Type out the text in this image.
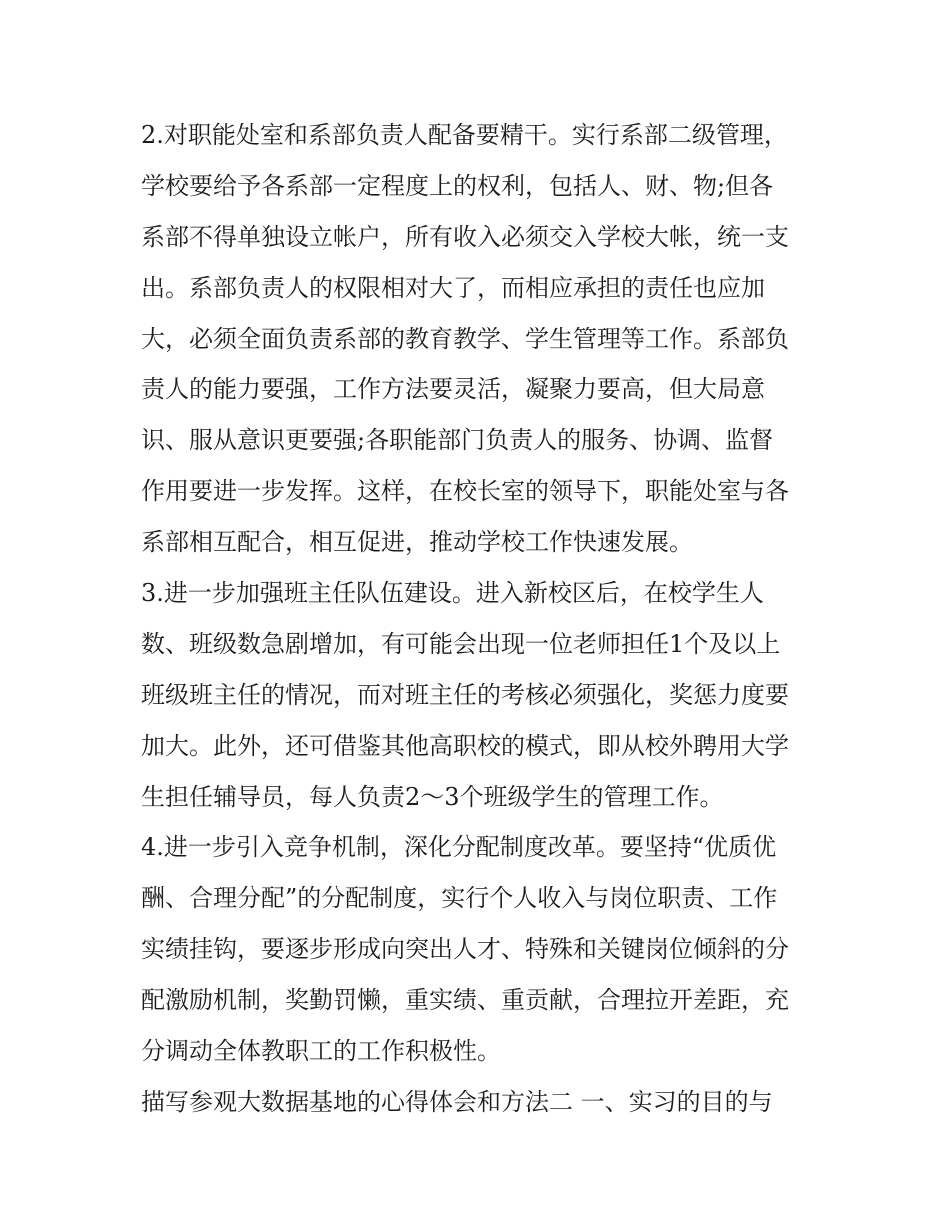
2.对职能处室和系部负责人配备要精干。实行系部二级管理，
学校要给予各系部一定程度上的权利，包括人、财、物;但各
系部不得单独设立帐户，所有收入必须交入学校大帐，统一支
出。系部负责人的权限相对大了，而相应承担的责任也应加
大，必须全面负责系部的教育教学、学生管理等工作。系部负
责人的能力要强，工作方法要灵活，凝聚力要高，但大局意
识、服从意识更要强;各职能部门负责人的服务、协调、监督
作用要进一步发挥。这样，在校长室的领导下，职能处室与各
系部相互配合，相互促进，推动学校工作快速发展。
3.进一步加强班主任队伍建设。进入新校区后，在校学生人
数、班级数急剧增加，有可能会出现一位老师担任1个及以上
班级班主任的情况，而对班主任的考核必须强化，奖惩力度要
加大。此外，还可借鉴其他高职校的模式，即从校外聘用大学
生担任辅导员，每人负责2～3个班级学生的管理工作。
4.进一步引入竞争机制，深化分配制度改革。要坚持“优质优
酬、合理分配”的分配制度，实行个人收入与岗位职责、工作
实绩挂钩，要逐步形成向突出人才、特殊和关键岗位倾斜的分
配激励机制，奖勤罚懒，重实绩、重贡献，合理拉开差距，充
分调动全体教职工的工作积极性。
描写参观大数据基地的心得体会和方法二 一、实习的目的与
